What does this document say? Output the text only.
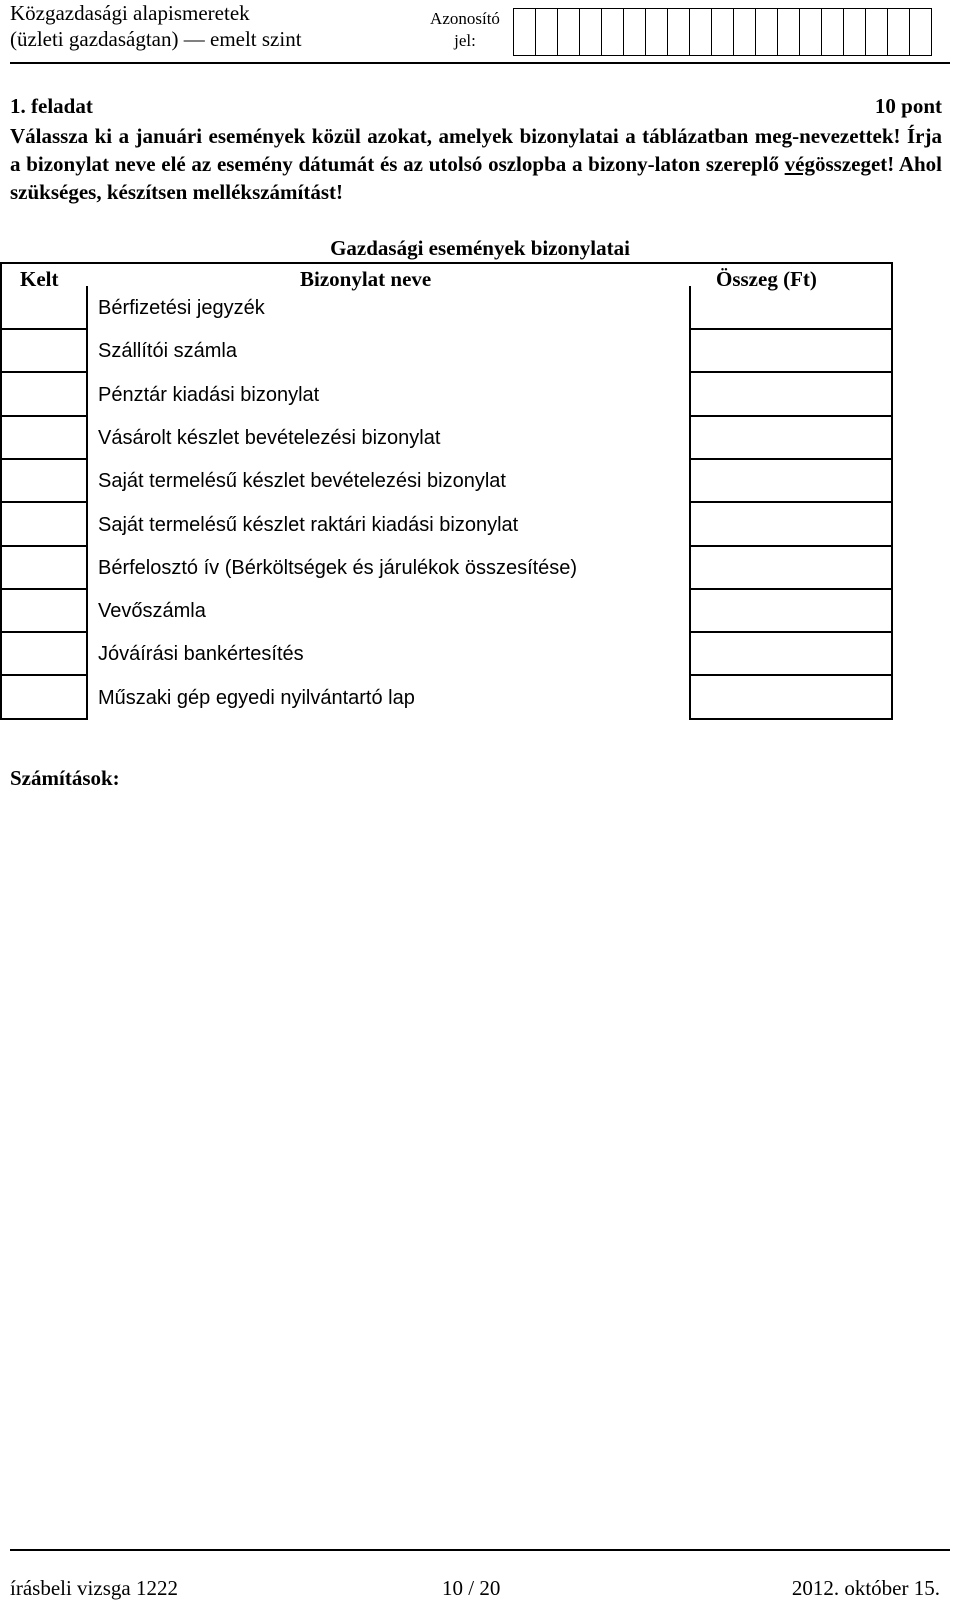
Közgazdasági alapismeretek
(üzleti gazdaságtan) — emelt szint
Azonosító
jel:
1. feladat	10 pont
Válassza ki a januári események közül azokat, amelyek bizonylatai a táblázatban meg-nevezettek! Írja a bizonylat neve elé az esemény dátumát és az utolsó oszlopba a bizony-laton szereplő végösszeget! Ahol szükséges, készítsen mellékszámítást!
Gazdasági események bizonylatai
Kelt	Bizonylat neve	Összeg (Ft)
Bérfizetési jegyzék
Szállítói számla
Pénztár kiadási bizonylat
Vásárolt készlet bevételezési bizonylat
Saját termelésű készlet bevételezési bizonylat
Saját termelésű készlet raktári kiadási bizonylat
Bérfelosztó ív (Bérköltségek és járulékok összesítése)
Vevőszámla
Jóváírási bankértesítés
Műszaki gép egyedi nyilvántartó lap
Számítások:
írásbeli vizsga 1222	10 / 20	2012. október 15.
